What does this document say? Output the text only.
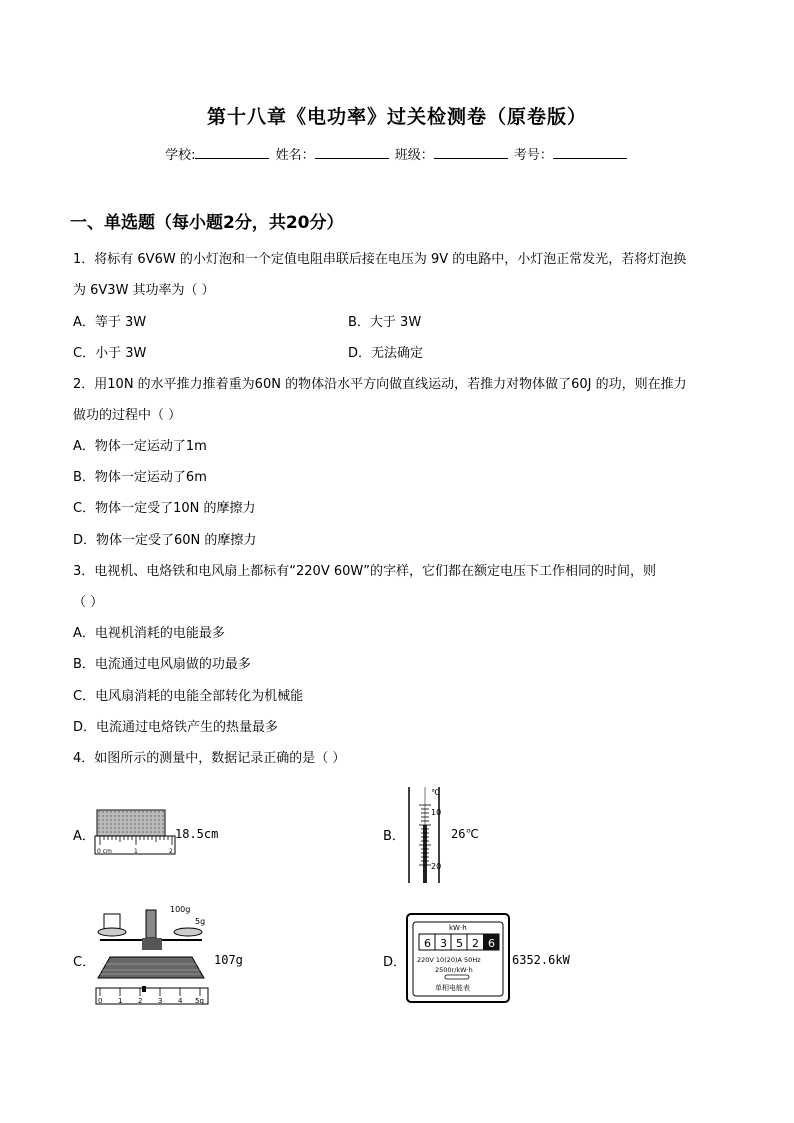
第十八章《电功率》过关检测卷（原卷版）
学校:	姓名：	班级：	考号：
一、单选题（每小题2分，共20分）
1．将标有 6V6W 的小灯泡和一个定值电阻串联后接在电压为 9V 的电路中，小灯泡正常发光，若将灯泡换
为 6V3W 其功率为（ ）
A．等于 3W	B．大于 3W
C．小于 3W	D．无法确定
2．用10N 的水平推力推着重为60N 的物体沿水平方向做直线运动，若推力对物体做了60J 的功，则在推力
做功的过程中（ ）
A．物体一定运动了1m
B．物体一定运动了6m
C．物体一定受了10N 的摩擦力
D．物体一定受了60N 的摩擦力
3．电视机、电烙铁和电风扇上都标有“220V 60W”的字样，它们都在额定电压下工作相同的时间，则
（ ）
A．电视机消耗的电能最多
B．电流通过电风扇做的功最多
C．电风扇消耗的电能全部转化为机械能
D．电流通过电烙铁产生的热量最多
4．如图所示的测量中，数据记录正确的是（ ）
A．
0 cm	1	2
18.5cm	B．
℃
10
20
26℃
C．
100g
5g
0 1 2 3 4 5g
107g	D．
kW·h
6 3 5 2 6
220V 10(20)A 50Hz
2500r/kW·h
单相电能表
6352.6kW
